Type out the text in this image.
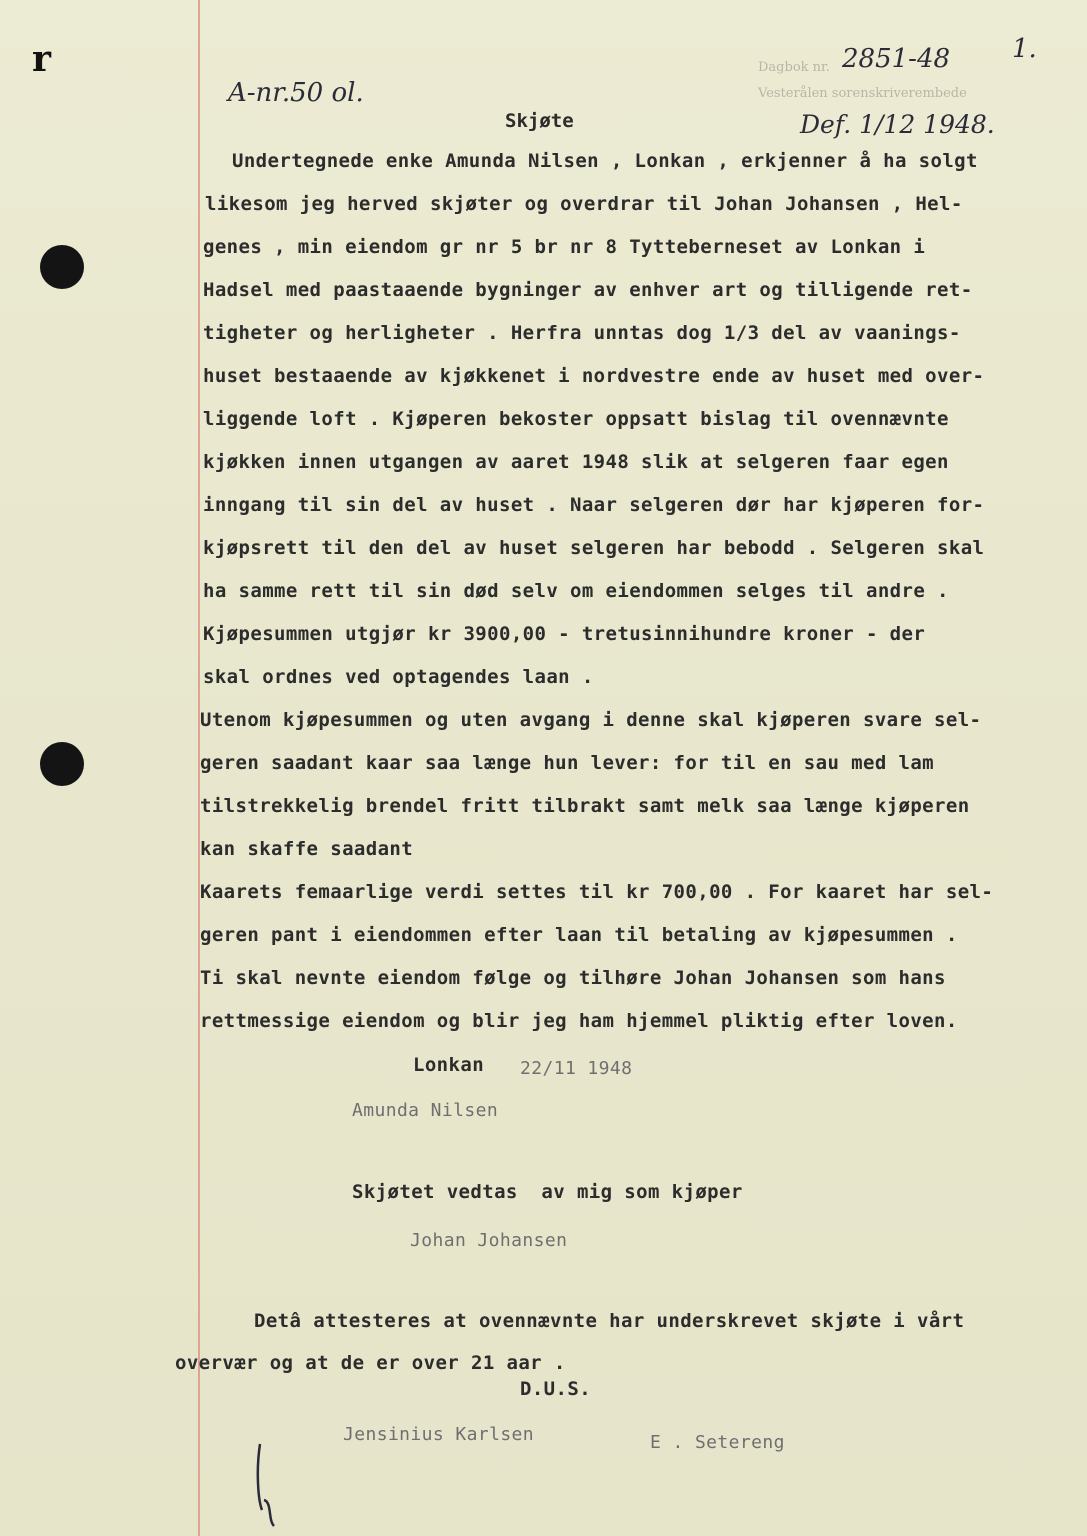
r
A-nr.50 ol.
Dagbok nr.
Vesterålen sorenskriverembede
2851-48 1.
Def. 1/12 1948.
Skjøte
Undertegnede enke Amunda Nilsen , Lonkan , erkjenner å ha solgt
likesom jeg herved skjøter og overdrar til Johan Johansen , Hel-
genes , min eiendom gr nr 5 br nr 8 Tytteberneset av Lonkan i
Hadsel med paastaaende bygninger av enhver art og tilligende ret-
tigheter og herligheter . Herfra unntas dog 1/3 del av vaanings-
huset bestaaende av kjøkkenet i nordvestre ende av huset med over-
liggende loft . Kjøperen bekoster oppsatt bislag til ovennævnte
kjøkken innen utgangen av aaret 1948 slik at selgeren faar egen
inngang til sin del av huset . Naar selgeren dør har kjøperen for-
kjøpsrett til den del av huset selgeren har bebodd . Selgeren skal
ha samme rett til sin død selv om eiendommen selges til andre .
Kjøpesummen utgjør kr 3900,00 - tretusinnihundre kroner - der
skal ordnes ved optagendes laan .
Utenom kjøpesummen og uten avgang i denne skal kjøperen svare sel-
geren saadant kaar saa længe hun lever: for til en sau med lam
tilstrekkelig brendel fritt tilbrakt samt melk saa længe kjøperen
kan skaffe saadant
Kaarets femaarlige verdi settes til kr 700,00 . For kaaret har sel-
geren pant i eiendommen efter laan til betaling av kjøpesummen .
Ti skal nevnte eiendom følge og tilhøre Johan Johansen som hans
rettmessige eiendom og blir jeg ham hjemmel pliktig efter loven.
Lonkan 22/11 1948
Amunda Nilsen
Skjøtet vedtas  av mig som kjøper
Johan Johansen
Detâ attesteres at ovennævnte har underskrevet skjøte i vårt
overvær og at de er over 21 aar .
D.U.S.
Jensinius Karlsen	E . Setereng
